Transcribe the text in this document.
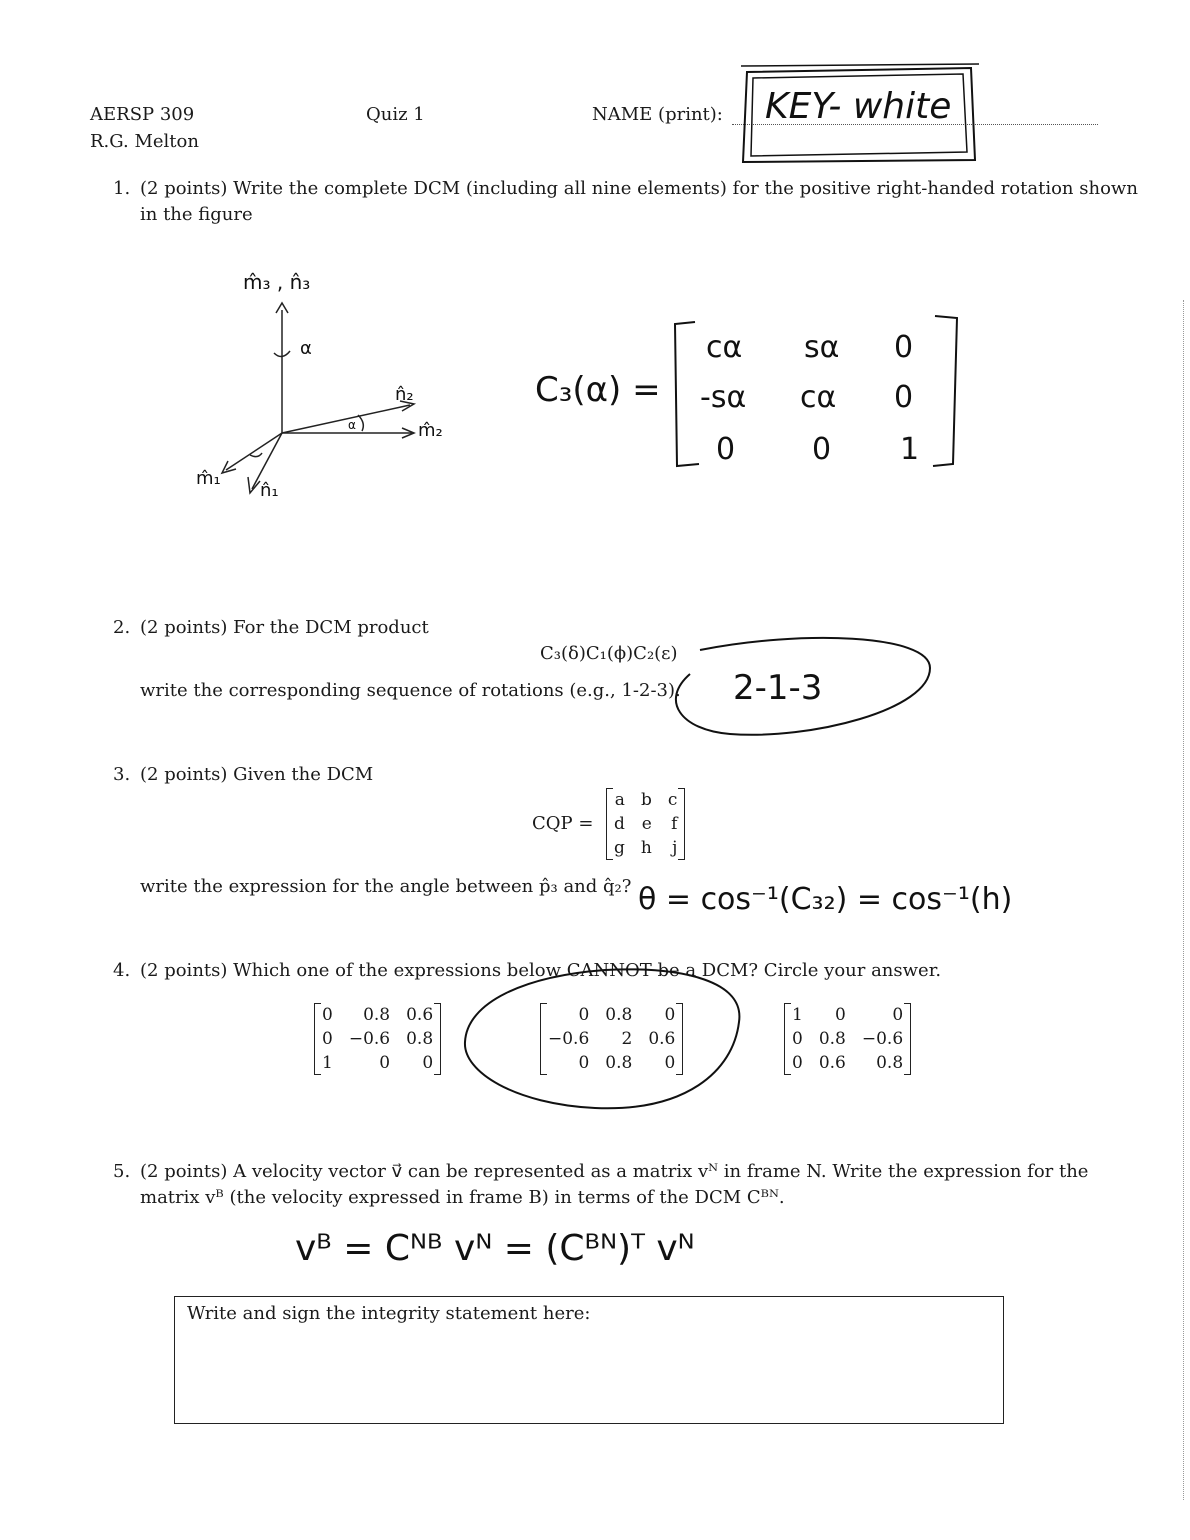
AERSP 309
R.G. Melton
Quiz 1	NAME (print): KEY- white
1. (2 points) Write the complete DCM (including all nine elements) for the positive right-handed rotation shown
in the figure
m̂₃ , n̂₃
α
n̂₂
m̂₂
m̂₁
n̂₁
α
C₃(α) =
cα sα 0
-sα cα 0
0	0 1
2. (2 points) For the DCM product
C₃(δ)C₁(ϕ)C₂(ε)
write the corresponding sequence of rotations (e.g., 1-2-3). 2-1-3
3. (2 points) Given the DCM
CQP =
a	b	c
d	e	f
g	h	j
write the expression for the angle between p̂₃ and q̂₂? θ = cos⁻¹(C₃₂) = cos⁻¹(h)
4. (2 points) Which one of the expressions below CANNOT be a DCM? Circle your answer.
0	0.8	0.6
0	−0.6	0.8
1	0	0
0	0.8	0
−0.6	2	0.6
0	0.8	0
1	0	0
0	0.8	−0.6
0	0.6	0.8
5. (2 points) A velocity vector v⃗ can be represented as a matrix vᴺ in frame N. Write the expression for the
matrix vᴮ (the velocity expressed in frame B) in terms of the DCM Cᴮᴺ.
vᴮ = Cᴺᴮ vᴺ = (Cᴮᴺ)ᵀ vᴺ
Write and sign the integrity statement here:
